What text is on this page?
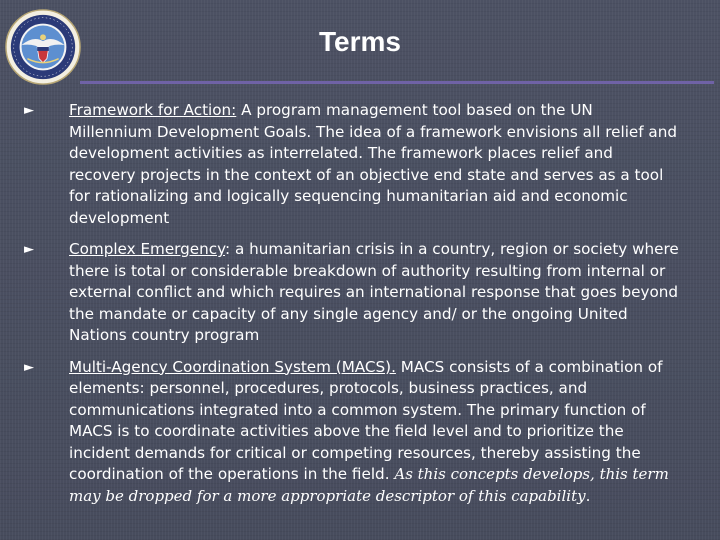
Terms
► Framework for Action: A program management tool based on the UN Millennium Development Goals. The idea of a framework envisions all relief and development activities as interrelated. The framework places relief and recovery projects in the context of an objective end state and serves as a tool for rationalizing and logically sequencing humanitarian aid and economic development
► Complex Emergency: a humanitarian crisis in a country, region or society where there is total or considerable breakdown of authority resulting from internal or external conflict and which requires an international response that goes beyond the mandate or capacity of any single agency and/ or the ongoing United Nations country program
► Multi-Agency Coordination System (MACS). MACS consists of a combination of elements: personnel, procedures, protocols, business practices, and communications integrated into a common system. The primary function of MACS is to coordinate activities above the field level and to prioritize the incident demands for critical or competing resources, thereby assisting the coordination of the operations in the field. As this concepts develops, this term may be dropped for a more appropriate descriptor of this capability.
